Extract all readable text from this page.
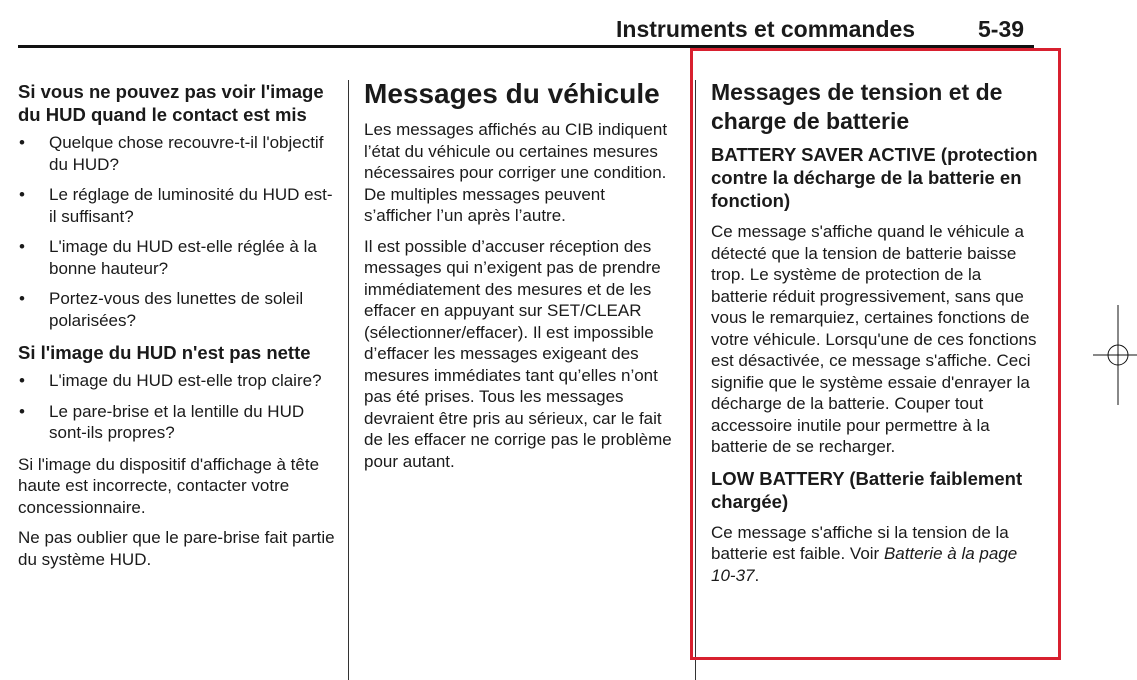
Instruments et commandes	5-39
Si vous ne pouvez pas voir l'image du HUD quand le contact est mis
• Quelque chose recouvre-t-il l'objectif du HUD?
• Le réglage de luminosité du HUD est-il suffisant?
• L'image du HUD est-elle réglée à la bonne hauteur?
• Portez-vous des lunettes de soleil polarisées?
Si l'image du HUD n'est pas nette
• L'image du HUD est-elle trop claire?
• Le pare-brise et la lentille du HUD sont-ils propres?

Si l'image du dispositif d'affichage à tête haute est incorrecte, contacter votre concessionnaire.

Ne pas oublier que le pare-brise fait partie du système HUD.

Messages du véhicule

Les messages affichés au CIB indiquent l’état du véhicule ou certaines mesures nécessaires pour corriger une condition. De multiples messages peuvent s’afficher l’un après l’autre.

Il est possible d’accuser réception des messages qui n’exigent pas de prendre immédiatement des mesures et de les effacer en appuyant sur SET/CLEAR (sélectionner/effacer). Il est impossible d’effacer les messages exigeant des mesures immédiates tant qu’elles n’ont pas été prises. Tous les messages devraient être pris au sérieux, car le fait de les effacer ne corrige pas le problème pour autant.

Messages de tension et de charge de batterie
BATTERY SAVER ACTIVE (protection contre la décharge de la batterie en fonction)

Ce message s'affiche quand le véhicule a détecté que la tension de batterie baisse trop. Le système de protection de la batterie réduit progressivement, sans que vous le remarquiez, certaines fonctions de votre véhicule. Lorsqu'une de ces fonctions est désactivée, ce message s'affiche. Ceci signifie que le système essaie d'enrayer la décharge de la batterie. Couper tout accessoire inutile pour permettre à la batterie de se recharger.

LOW BATTERY (Batterie faiblement chargée)

Ce message s'affiche si la tension de la batterie est faible. Voir Batterie à la page 10-37.
